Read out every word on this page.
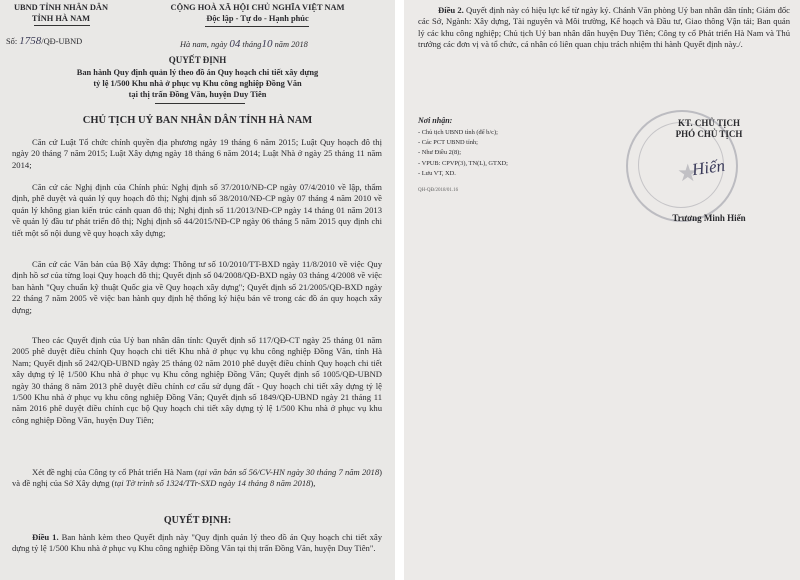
UBND TỈNH NHÂN DÂN
TỈNH HÀ NAM
Số: 1758/QĐ-UBND
CỘNG HOÀ XÃ HỘI CHỦ NGHĨA VIỆT NAM
Độc lập - Tự do - Hạnh phúc
Hà nam, ngày 04 tháng10 năm 2018
QUYẾT ĐỊNH
Ban hành Quy định quản lý theo đồ án Quy hoạch chi tiết xây dựng
tỷ lệ 1/500 Khu nhà ở phục vụ Khu công nghiệp Đồng Văn
tại thị trấn Đồng Văn, huyện Duy Tiên
CHỦ TỊCH UỶ BAN NHÂN DÂN TỈNH HÀ NAM
Căn cứ Luật Tổ chức chính quyền địa phương ngày 19 tháng 6 năm 2015; Luật Quy hoạch đô thị ngày 20 tháng 7 năm 2015; Luật Xây dựng ngày 18 tháng 6 năm 2014; Luật Nhà ở ngày 25 tháng 11 năm 2014;
Căn cứ các Nghị định của Chính phủ: Nghị định số 37/2010/NĐ-CP ngày 07/4/2010 về lập, thẩm định, phê duyệt và quản lý quy hoạch đô thị; Nghị định số 38/2010/NĐ-CP ngày 07 tháng 4 năm 2010 về quản lý không gian kiến trúc cảnh quan đô thị; Nghị định số 11/2013/NĐ-CP ngày 14 tháng 01 năm 2013 về quản lý đầu tư phát triển đô thị; Nghị định số 44/2015/NĐ-CP ngày 06 tháng 5 năm 2015 quy định chi tiết một số nội dung về quy hoạch xây dựng;
Căn cứ các Văn bản của Bộ Xây dựng: Thông tư số 10/2010/TT-BXD ngày 11/8/2010 về việc Quy định hồ sơ của từng loại Quy hoạch đô thị; Quyết định số 04/2008/QĐ-BXD ngày 03 tháng 4/2008 về việc ban hành "Quy chuẩn kỹ thuật Quốc gia về Quy hoạch xây dựng"; Quyết định số 21/2005/QĐ-BXD ngày 22 tháng 7 năm 2005 về việc ban hành quy định hệ thống ký hiệu bản vẽ trong các đồ án quy hoạch xây dựng;
Theo các Quyết định của Uỷ ban nhân dân tỉnh: Quyết định số 117/QĐ-CT ngày 25 tháng 01 năm 2005 phê duyệt điều chỉnh Quy hoạch chi tiết Khu nhà ở phục vụ khu công nghiệp Đồng Văn, tỉnh Hà Nam; Quyết định số 242/QĐ-UBND ngày 25 tháng 02 năm 2010 phê duyệt điều chỉnh Quy hoạch chi tiết xây dựng tỷ lệ 1/500 Khu nhà ở phục vụ Khu công nghiệp Đồng Văn; Quyết định số 1005/QĐ-UBND ngày 30 tháng 8 năm 2013 phê duyệt điều chỉnh cơ cấu sử dụng đất - Quy hoạch chi tiết xây dựng tỷ lệ 1/500 Khu nhà ở phục vụ khu công nghiệp Đồng Văn; Quyết định số 1849/QĐ-UBND ngày 21 tháng 11 năm 2016 phê duyệt điều chỉnh cục bộ Quy hoạch chi tiết xây dựng tỷ lệ 1/500 Khu nhà ở phục vụ khu công nghiệp Đồng Văn, huyện Duy Tiên;
Xét đề nghị của Công ty cổ Phát triển Hà Nam (tại văn bản số 56/CV-HN ngày 30 tháng 7 năm 2018) và đề nghị của Sở Xây dựng (tại Tờ trình số 1324/TTr-SXD ngày 14 tháng 8 năm 2018),
QUYẾT ĐỊNH:
Điều 1. Ban hành kèm theo Quyết định này "Quy định quản lý theo đồ án Quy hoạch chi tiết xây dựng tỷ lệ 1/500 Khu nhà ở phục vụ Khu công nghiệp Đồng Văn tại thị trấn Đồng Văn, huyện Duy Tiên".
Điều 2. Quyết định này có hiệu lực kể từ ngày ký. Chánh Văn phòng Uỷ ban nhân dân tỉnh; Giám đốc các Sở, Ngành: Xây dựng, Tài nguyên và Môi trường, Kế hoạch và Đầu tư, Giao thông Vận tải; Ban quản lý các khu công nghiệp; Chủ tịch Uỷ ban nhân dân huyện Duy Tiên; Công ty cổ Phát triển Hà Nam và Thủ trưởng các đơn vị và tổ chức, cá nhân có liên quan chịu trách nhiệm thi hành Quyết định này./.
Nơi nhận:
- Chủ tịch UBND tỉnh (để b/c);
- Các PCT UBND tỉnh;
- Như Điều 2(8);
- VPUB: CPVP(3), TN(L), GTXD;
- Lưu VT, XD.
QH-QĐ/2018/01.16
★
KT. CHỦ TỊCH
PHÓ CHỦ TỊCH
Hiến
Trương Minh Hiến
